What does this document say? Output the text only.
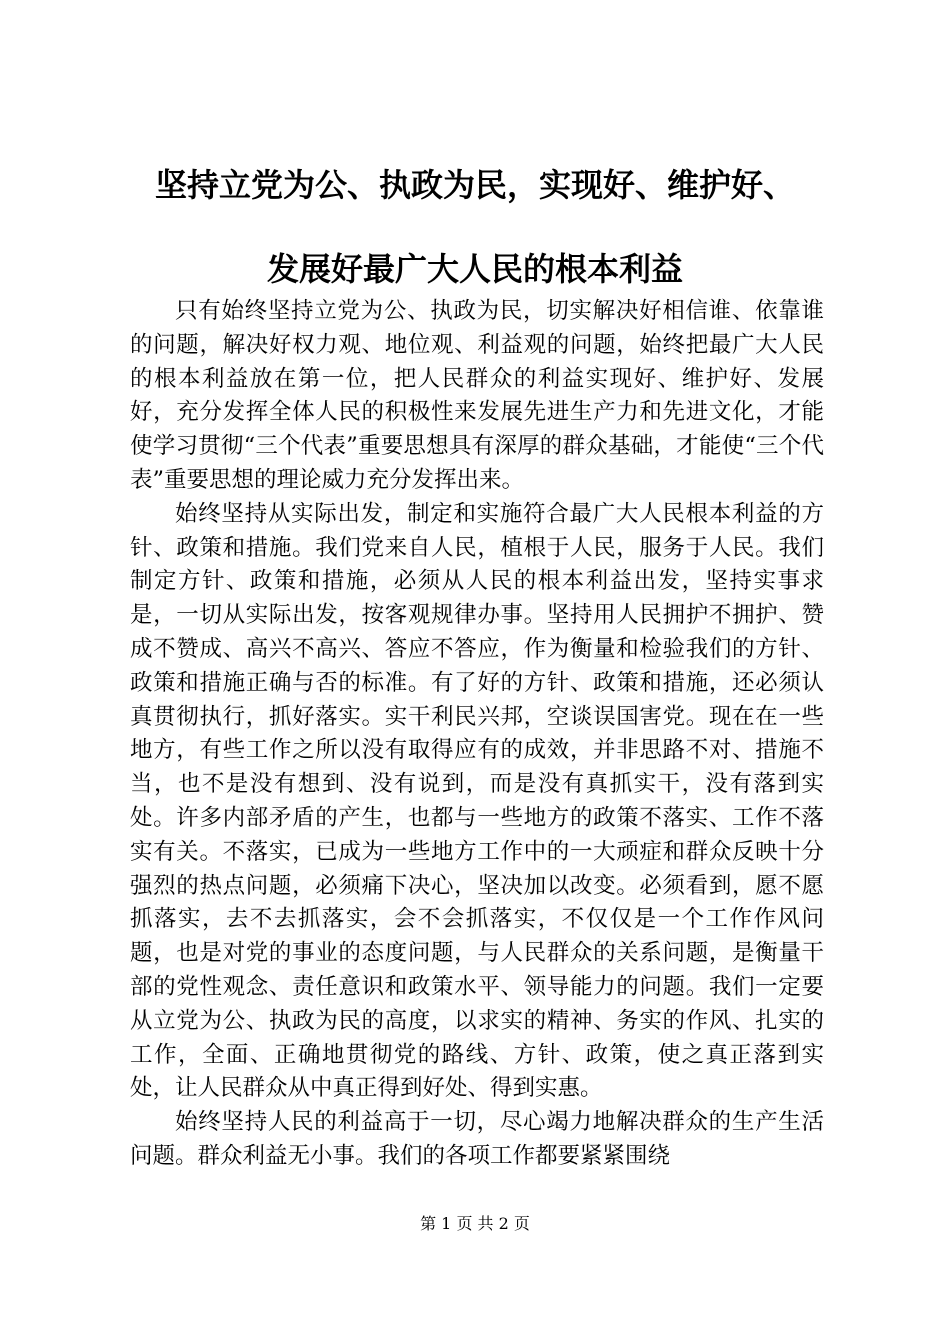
坚持立党为公、执政为民，实现好、维护好、
发展好最广大人民的根本利益

只有始终坚持立党为公、执政为民，切实解决好相信谁、依靠谁的问题，解决好权力观、地位观、利益观的问题，始终把最广大人民的根本利益放在第一位，把人民群众的利益实现好、维护好、发展好，充分发挥全体人民的积极性来发展先进生产力和先进文化，才能使学习贯彻“三个代表”重要思想具有深厚的群众基础，才能使“三个代表”重要思想的理论威力充分发挥出来。

始终坚持从实际出发，制定和实施符合最广大人民根本利益的方针、政策和措施。我们党来自人民，植根于人民，服务于人民。我们制定方针、政策和措施，必须从人民的根本利益出发，坚持实事求是，一切从实际出发，按客观规律办事。坚持用人民拥护不拥护、赞成不赞成、高兴不高兴、答应不答应，作为衡量和检验我们的方针、政策和措施正确与否的标准。有了好的方针、政策和措施，还必须认真贯彻执行，抓好落实。实干利民兴邦，空谈误国害党。现在在一些地方，有些工作之所以没有取得应有的成效，并非思路不对、措施不当，也不是没有想到、没有说到，而是没有真抓实干，没有落到实处。许多内部矛盾的产生，也都与一些地方的政策不落实、工作不落实有关。不落实，已成为一些地方工作中的一大顽症和群众反映十分强烈的热点问题，必须痛下决心，坚决加以改变。必须看到，愿不愿抓落实，去不去抓落实，会不会抓落实，不仅仅是一个工作作风问题，也是对党的事业的态度问题，与人民群众的关系问题，是衡量干部的党性观念、责任意识和政策水平、领导能力的问题。我们一定要从立党为公、执政为民的高度，以求实的精神、务实的作风、扎实的工作，全面、正确地贯彻党的路线、方针、政策，使之真正落到实处，让人民群众从中真正得到好处、得到实惠。

始终坚持人民的利益高于一切，尽心竭力地解决群众的生产生活问题。群众利益无小事。我们的各项工作都要紧紧围绕

第 1 页 共 2 页
